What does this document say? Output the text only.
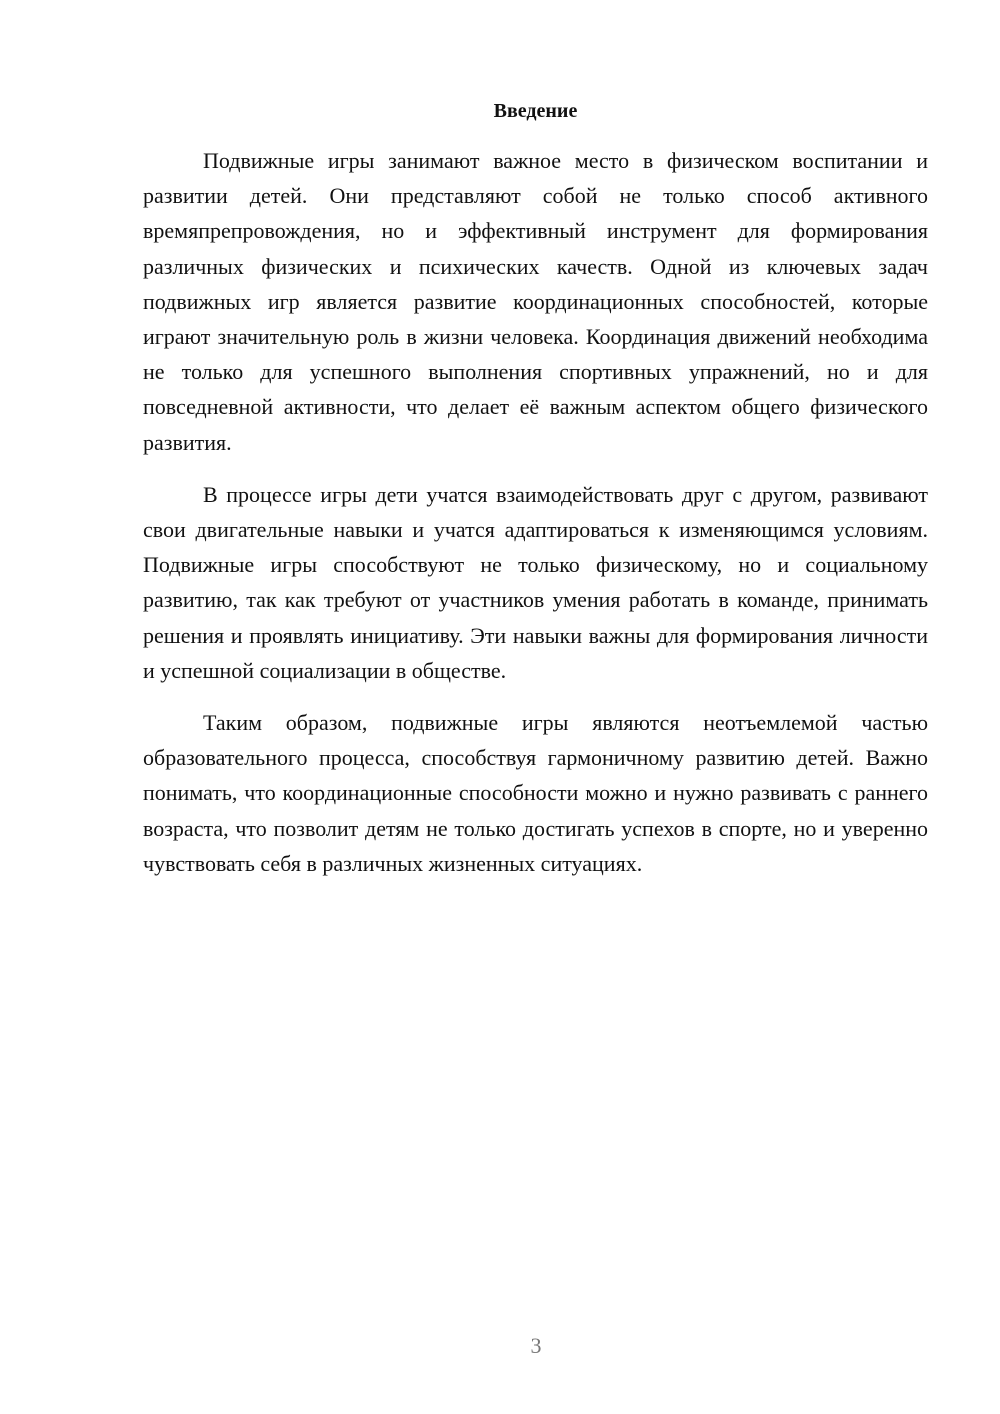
Введение

Подвижные игры занимают важное место в физическом воспитании и развитии детей. Они представляют собой не только способ активного времяпрепровождения, но и эффективный инструмент для формирования различных физических и психических качеств. Одной из ключевых задач подвижных игр является развитие координационных способностей, которые играют значительную роль в жизни человека. Координация движений необходима не только для успешного выполнения спортивных упражнений, но и для повседневной активности, что делает её важным аспектом общего физического развития.

В процессе игры дети учатся взаимодействовать друг с другом, развивают свои двигательные навыки и учатся адаптироваться к изменяющимся условиям. Подвижные игры способствуют не только физическому, но и социальному развитию, так как требуют от участников умения работать в команде, принимать решения и проявлять инициативу. Эти навыки важны для формирования личности и успешной социализации в обществе.

Таким образом, подвижные игры являются неотъемлемой частью образовательного процесса, способствуя гармоничному развитию детей. Важно понимать, что координационные способности можно и нужно развивать с раннего возраста, что позволит детям не только достигать успехов в спорте, но и уверенно чувствовать себя в различных жизненных ситуациях.

3
